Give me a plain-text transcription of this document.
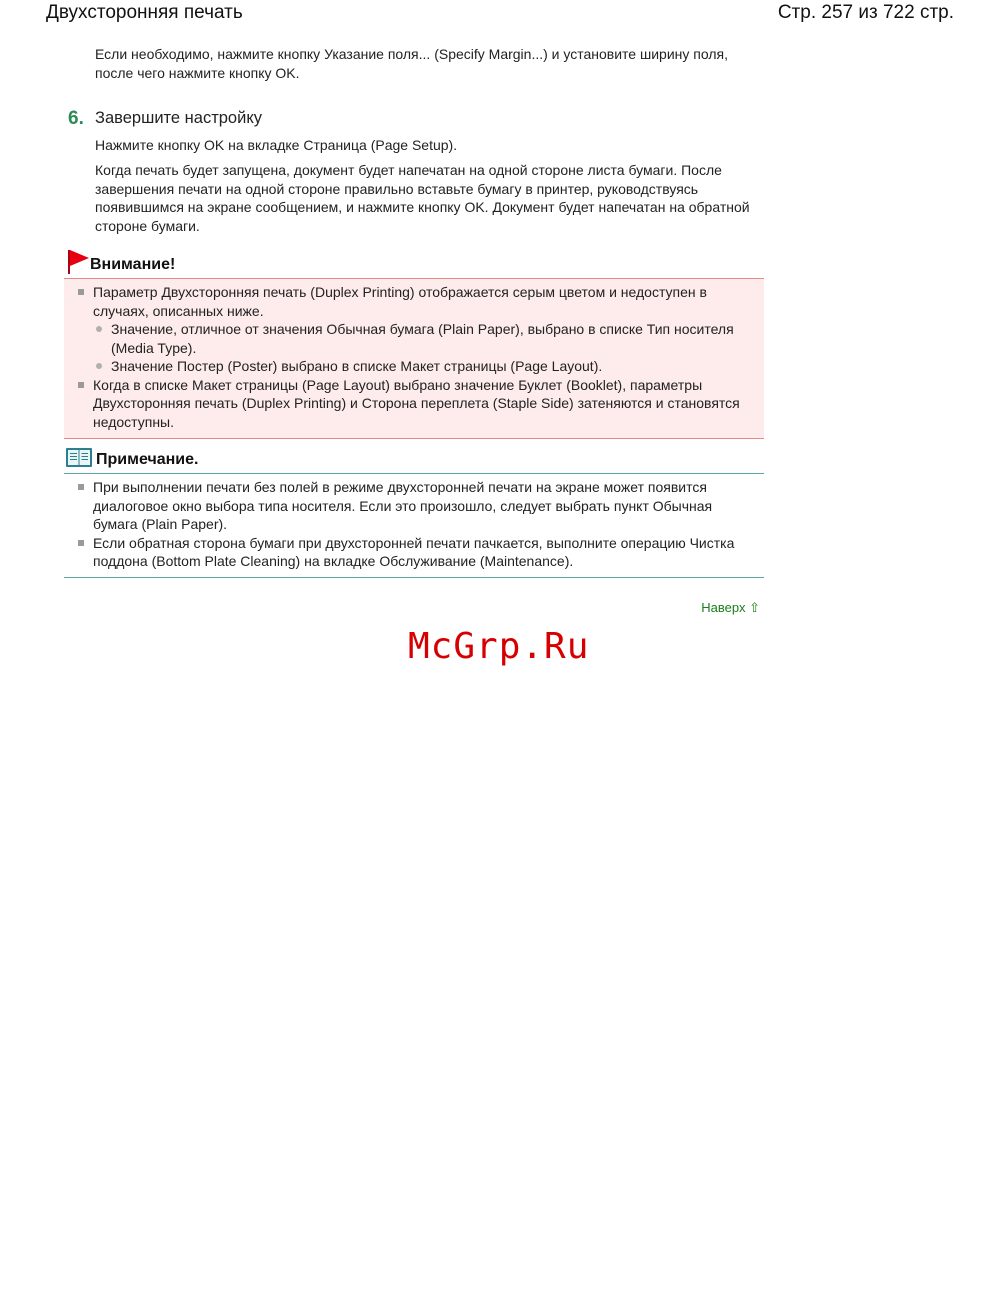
Двухсторонняя печать	Стр. 257 из 722 стр.

Если необходимо, нажмите кнопку Указание поля... (Specify Margin...) и установите ширину поля, после чего нажмите кнопку OK.

6. Завершите настройку

Нажмите кнопку OK на вкладке Страница (Page Setup).

Когда печать будет запущена, документ будет напечатан на одной стороне листа бумаги. После завершения печати на одной стороне правильно вставьте бумагу в принтер, руководствуясь появившимся на экране сообщением, и нажмите кнопку OK. Документ будет напечатан на обратной стороне бумаги.

Внимание!
Параметр Двухсторонняя печать (Duplex Printing) отображается серым цветом и недоступен в случаях, описанных ниже.
Значение, отличное от значения Обычная бумага (Plain Paper), выбрано в списке Тип носителя (Media Type).
Значение Постер (Poster) выбрано в списке Макет страницы (Page Layout).
Когда в списке Макет страницы (Page Layout) выбрано значение Буклет (Booklet), параметры Двухсторонняя печать (Duplex Printing) и Сторона переплета (Staple Side) затеняются и становятся недоступны.
Примечание.
При выполнении печати без полей в режиме двухсторонней печати на экране может появится диалоговое окно выбора типа носителя. Если это произошло, следует выбрать пункт Обычная бумага (Plain Paper).
Если обратная сторона бумаги при двухсторонней печати пачкается, выполните операцию Чистка поддона (Bottom Plate Cleaning) на вкладке Обслуживание (Maintenance).
Наверх ⇧
McGrp.Ru
